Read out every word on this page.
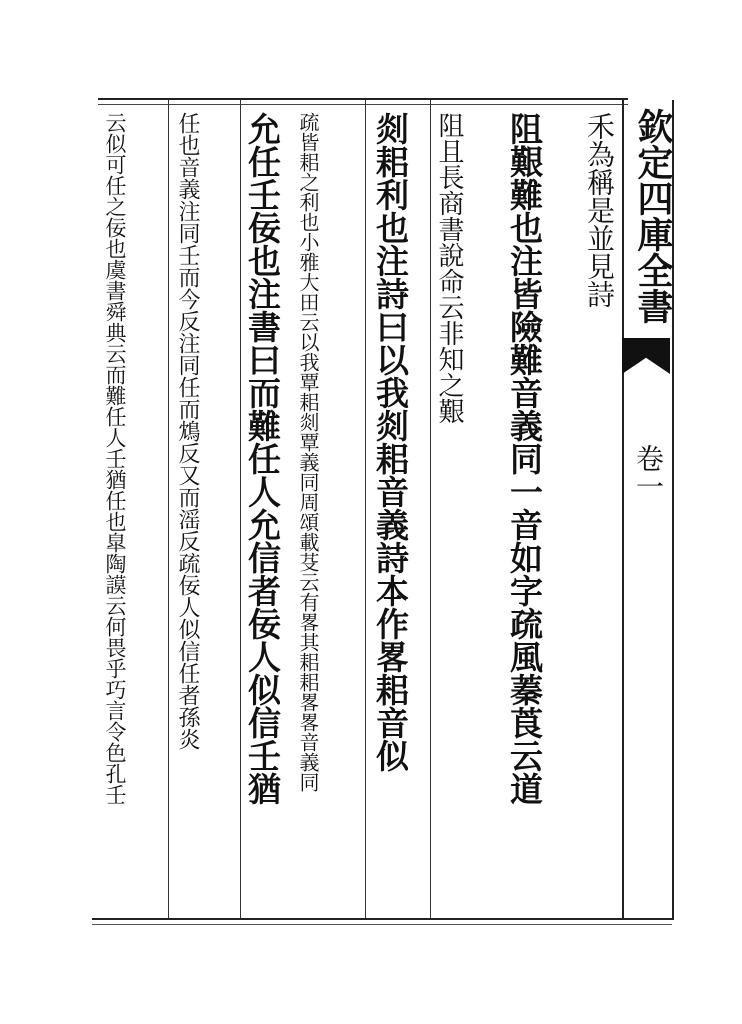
欽定四庫全書
卷一
禾為稱是並見詩
阻艱難也注皆險難音義同一音如字疏風蓁莨云道
阻且長商書說命云非知之艱
剡耜利也注詩曰以我剡耜音義詩本作畧耜音似
疏皆耜之利也小雅大田云以我覃耜剡覃義同周頌載芟云有畧其耜耜畧畧音義同
允任壬佞也注書曰而難任人允信者佞人似信壬猶
任也音義注同壬而今反注同任而鴆反又而滛反疏佞人似信任者孫炎
云似可任之佞也虞書舜典云而難任人壬猶任也皐陶謨云何畏乎巧言令色孔壬
